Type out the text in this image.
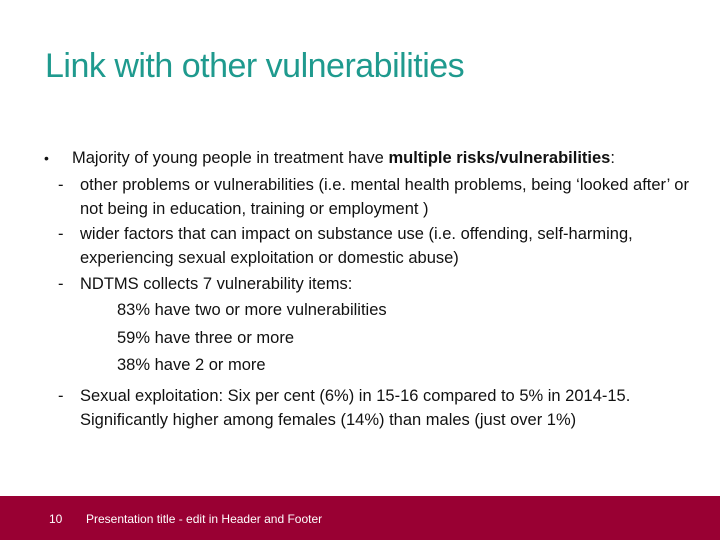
Link with other vulnerabilities
• Majority of young people in treatment have multiple risks/vulnerabilities:
- other problems or vulnerabilities (i.e. mental health problems, being ‘looked after’ or not being in education, training or employment )
- wider factors that can impact on substance use (i.e. offending, self-harming, experiencing sexual exploitation or domestic abuse)
- NDTMS collects 7 vulnerability items:
83% have two or more vulnerabilities
59% have three or more
38% have 2 or more
- Sexual exploitation: Six per cent (6%) in 15-16 compared to 5% in 2014-15. Significantly higher among females (14%) than males (just over 1%)
10 Presentation title - edit in Header and Footer
